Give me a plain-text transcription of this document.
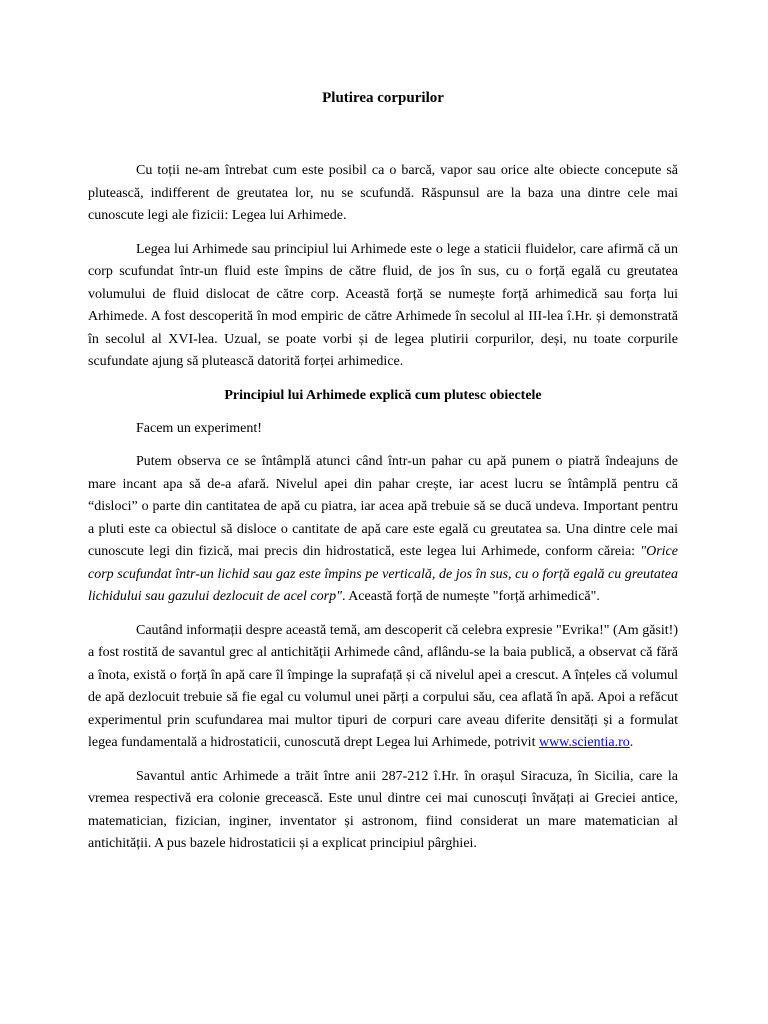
Plutirea corpurilor

Cu toții ne-am întrebat cum este posibil ca o barcă, vapor sau orice alte obiecte concepute să plutească, indifferent de greutatea lor, nu se scufundă. Răspunsul are la baza una dintre cele mai cunoscute legi ale fizicii: Legea lui Arhimede.

Legea lui Arhimede sau principiul lui Arhimede este o lege a staticii fluidelor, care afirmă că un corp scufundat într-un fluid este împins de către fluid, de jos în sus, cu o forță egală cu greutatea volumului de fluid dislocat de către corp. Această forță se numește forță arhimedică sau forța lui Arhimede. A fost descoperită în mod empiric de către Arhimede în secolul al III-lea î.Hr. și demonstrată în secolul al XVI-lea. Uzual, se poate vorbi și de legea plutirii corpurilor, deși, nu toate corpurile scufundate ajung să plutească datorită forței arhimedice.

Principiul lui Arhimede explică cum plutesc obiectele

Facem un experiment!

Putem observa ce se întâmplă atunci când într-un pahar cu apă punem o piatră îndeajuns de mare incant apa să de-a afară. Nivelul apei din pahar crește, iar acest lucru se întâmplă pentru că “disloci” o parte din cantitatea de apă cu piatra, iar acea apă trebuie să se ducă undeva. Important pentru a pluti este ca obiectul să disloce o cantitate de apă care este egală cu greutatea sa. Una dintre cele mai cunoscute legi din fizică, mai precis din hidrostatică, este legea lui Arhimede, conform căreia: "Orice corp scufundat într-un lichid sau gaz este împins pe verticală, de jos în sus, cu o forță egală cu greutatea lichidului sau gazului dezlocuit de acel corp". Această forță de numește "forță arhimedică".

Cautând informații despre această temă, am descoperit că celebra expresie "Evrika!" (Am găsit!) a fost rostită de savantul grec al antichității Arhimede când, aflându-se la baia publică, a observat că fără a înota, există o forță în apă care îl împinge la suprafață și că nivelul apei a crescut. A înțeles că volumul de apă dezlocuit trebuie să fie egal cu volumul unei părți a corpului său, cea aflată în apă. Apoi a refăcut experimentul prin scufundarea mai multor tipuri de corpuri care aveau diferite densități și a formulat legea fundamentală a hidrostaticii, cunoscută drept Legea lui Arhimede, potrivit www.scientia.ro.

Savantul antic Arhimede a trăit între anii 287-212 î.Hr. în orașul Siracuza, în Sicilia, care la vremea respectivă era colonie grecească. Este unul dintre cei mai cunoscuți învățați ai Greciei antice, matematician, fizician, inginer, inventator și astronom, fiind considerat un mare matematician al antichității. A pus bazele hidrostaticii și a explicat principiul pârghiei.
